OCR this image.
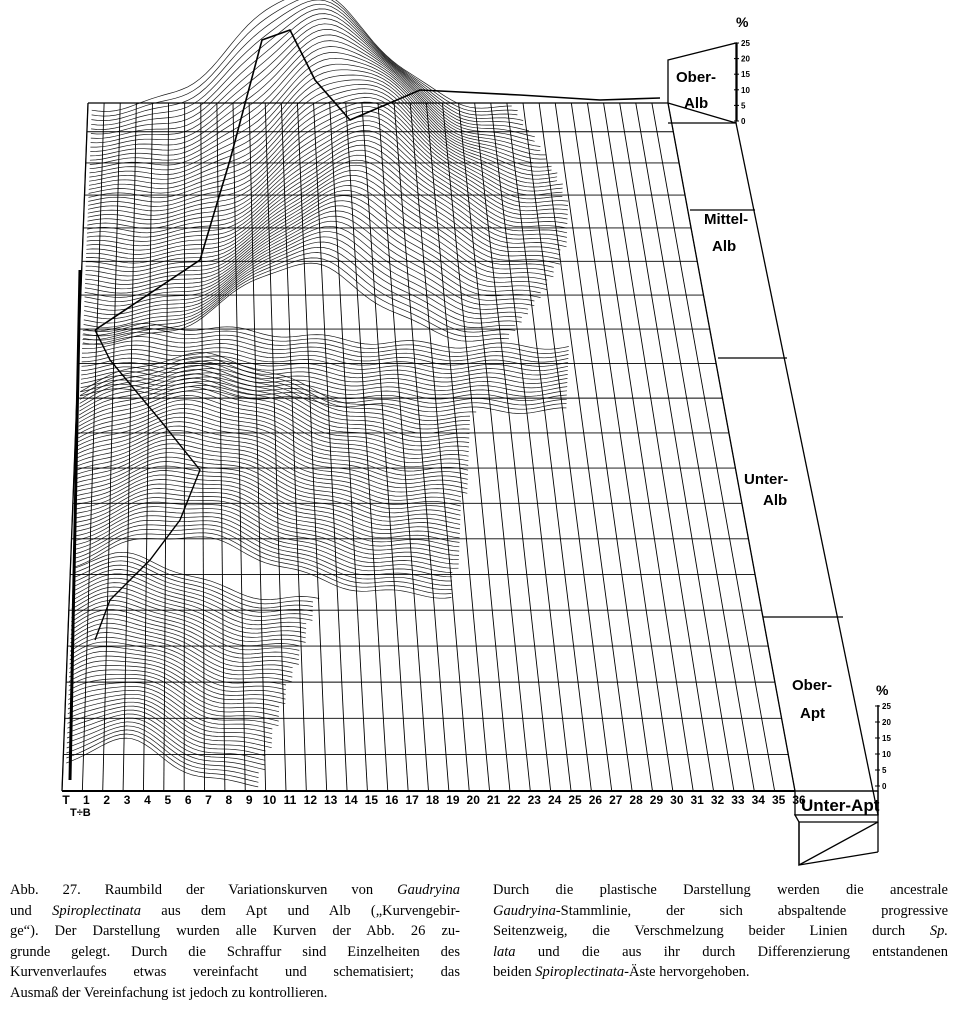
T 1 2 3 4 5 6 7 8 9 10 11 12 13 14 15 16 17 18 19 20 21 22 23 24 25 26 27 28 29 30 31 32 33 34 35 36
T÷B
Ober-
Alb
Mittel-
Alb
Unter-
Alb
Ober-
Apt
Unter-Apt
%
25
20
15
10
5
0
%
25
20
15
10
5
0
Abb. 27. Raumbild der Variationskurven von Gaudryina
und Spiroplectinata aus dem Apt und Alb („Kurvengebir-
ge“). Der Darstellung wurden alle Kurven der Abb. 26 zu-
grunde gelegt. Durch die Schraffur sind Einzelheiten des
Kurvenverlaufes etwas vereinfacht und schematisiert; das
Ausmaß der Vereinfachung ist jedoch zu kontrollieren.
Durch die plastische Darstellung werden die ancestrale
Gaudryina-Stammlinie, der sich abspaltende progressive
Seitenzweig, die Verschmelzung beider Linien durch Sp.
lata und die aus ihr durch Differenzierung entstandenen
beiden Spiroplectinata-Äste hervorgehoben.
